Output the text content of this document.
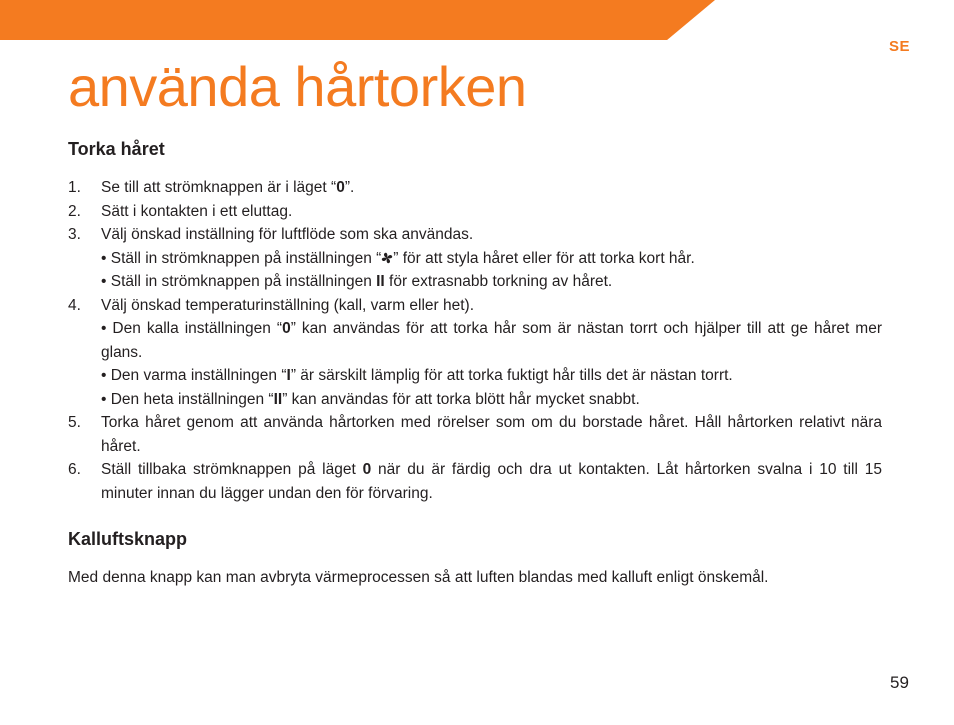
SE
använda hårtorken
Torka håret
1. Se till att strömknappen är i läget “0”.
2. Sätt i kontakten i ett eluttag.
3. Välj önskad inställning för luftflöde som ska användas.
• Ställ in strömknappen på inställningen “ ” för att styla håret eller för att torka kort hår.
• Ställ in strömknappen på inställningen II för extrasnabb torkning av håret.
4. Välj önskad temperaturinställning (kall, varm eller het).
• Den kalla inställningen “0” kan användas för att torka hår som är nästan torrt och hjälper till att ge håret mer glans.
• Den varma inställningen “I” är särskilt lämplig för att torka fuktigt hår tills det är nästan torrt.
• Den heta inställningen “II” kan användas för att torka blött hår mycket snabbt.
5. Torka håret genom att använda hårtorken med rörelser som om du borstade håret. Håll hårtorken relativt nära håret.
6. Ställ tillbaka strömknappen på läget 0 när du är färdig och dra ut kontakten. Låt hårtorken svalna i 10 till 15 minuter innan du lägger undan den för förvaring.
Kalluftsknapp

Med denna knapp kan man avbryta värmeprocessen så att luften blandas med kalluft enligt önskemål.

59
